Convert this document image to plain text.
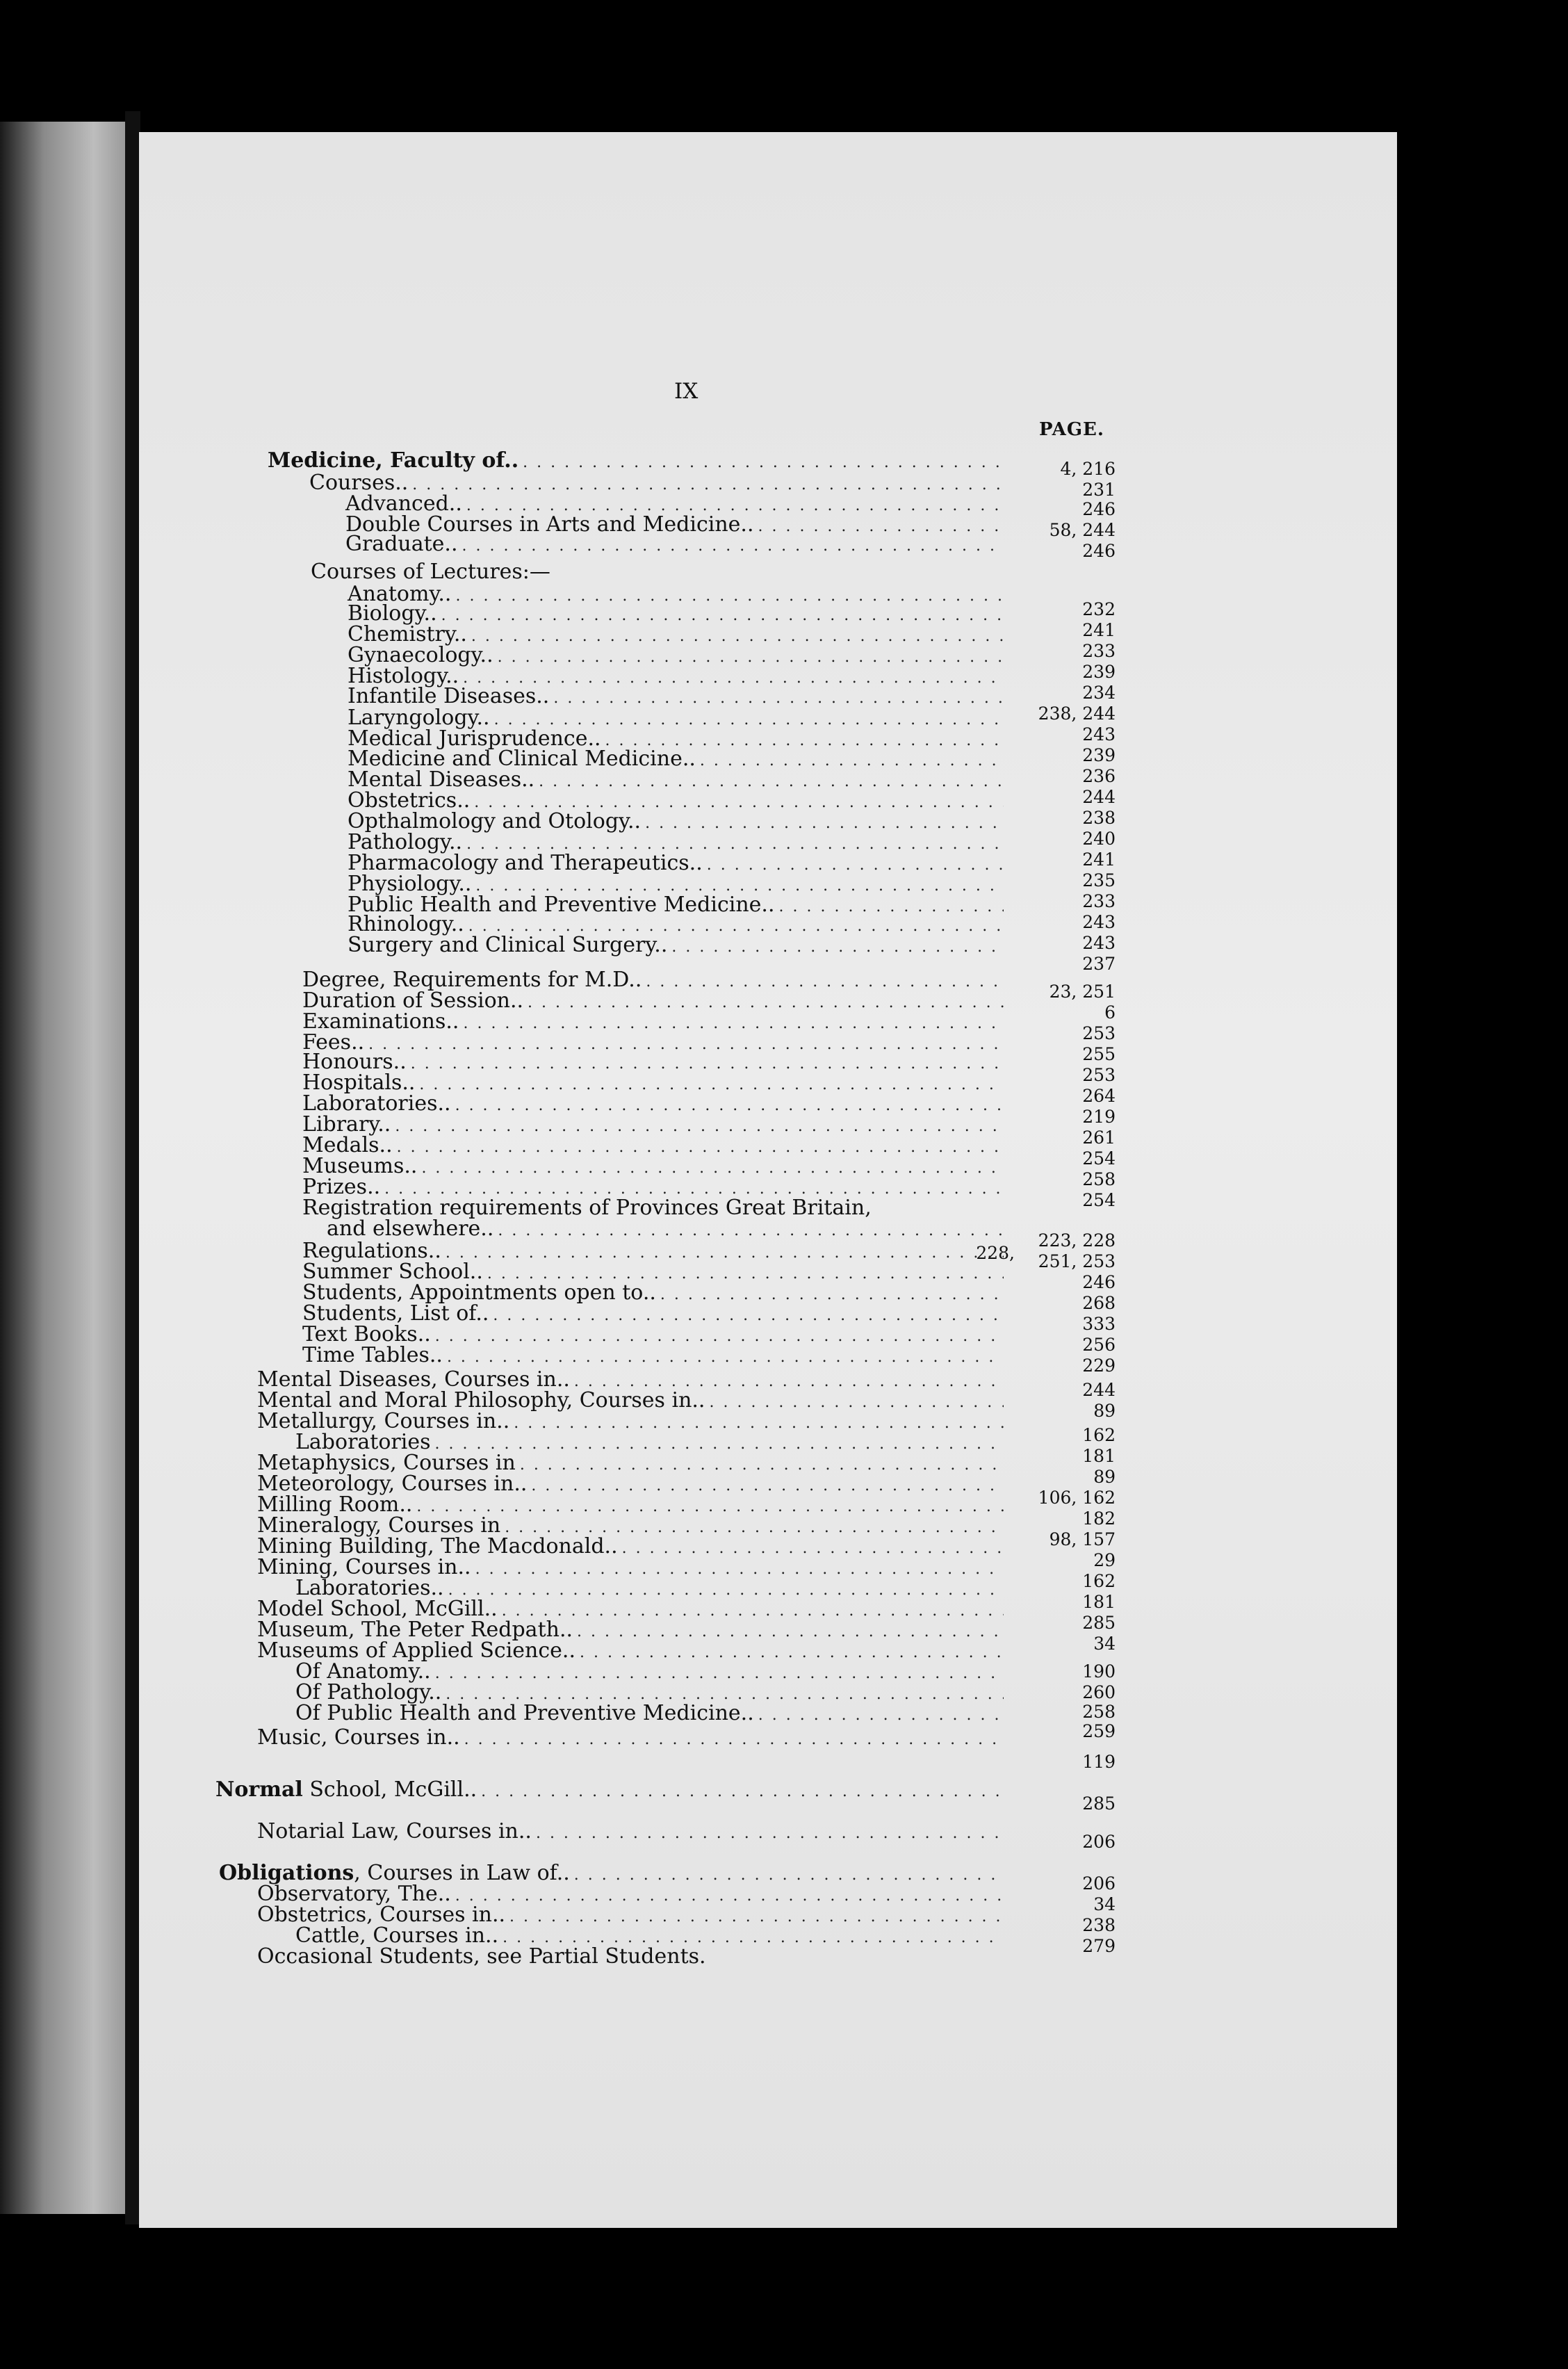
IX
PAGE.
Medicine, Faculty of..
. . .
Courses..
. . .
Advanced..
. . .
Double Courses in Arts and Medicine..
. . .
Graduate..
. . .
Courses of Lectures:—
Anatomy..
. . .
Biology..
. . .
Chemistry..
. . .
Gynaecology..
. . .
Histology..
. . .
Infantile Diseases..
. . .
Laryngology..
. . .
Medical Jurisprudence..
. . .
Medicine and Clinical Medicine..
. . .
Mental Diseases..
. . .
Obstetrics..
. . .
Opthalmology and Otology..
. . .
Pathology..
. . .
Pharmacology and Therapeutics..
. . .
Physiology..
. . .
Public Health and Preventive Medicine..
. . .
Rhinology..
. . .
Surgery and Clinical Surgery..
. . .
Degree, Requirements for M.D..
. . .
Duration of Session..
. . .
Examinations..
. . .
Fees..
. . .
Honours..
. . .
Hospitals..
. . .
Laboratories..
. . .
Library..
. . .
Medals..
. . .
Museums..
. . .
Prizes..
. . .
Registration requirements of Provinces Great Britain,
and elsewhere..
. . .
Regulations..
. . .
Summer School..
. . .
Students, Appointments open to..
. . .
Students, List of..
. . .
Text Books..
. . .
Time Tables..
. . .
Mental Diseases, Courses in..
. . .
Mental and Moral Philosophy, Courses in..
. . .
Metallurgy, Courses in..
. . .
Laboratories
. . .
Metaphysics, Courses in
. . .
Meteorology, Courses in..
. . .
Milling Room..
. . .
Mineralogy, Courses in
. . .
Mining Building, The Macdonald..
. . .
Mining, Courses in..
. . .
Laboratories..
. . .
Model School, McGill..
. . .
Museum, The Peter Redpath..
. . .
Museums of Applied Science..
. . .
Of Anatomy..
. . .
Of Pathology..
. . .
Of Public Health and Preventive Medicine..
. . .
Music, Courses in..
. . .
Normal School, McGill..
. . .
Notarial Law, Courses in..
. . .
Obligations, Courses in Law of..
. . .
Observatory, The..
. . .
Obstetrics, Courses in..
. . .
Cattle, Courses in..
. . .
Occasional Students, see Partial Students.
4, 216
231
246
58, 244
246
232
241
233
239
234
238, 244
243
239
236
244
238
240
241
235
233
243
243
237
23, 251
6
253
255
253
264
219
261
254
258
254
223, 228
228,	251, 253
246
268
333
256
229
244
89
162
181
89
106, 162
182
98, 157
29
162
181
285
34
190
260
258
259
119
285
206
206
34
238
279
